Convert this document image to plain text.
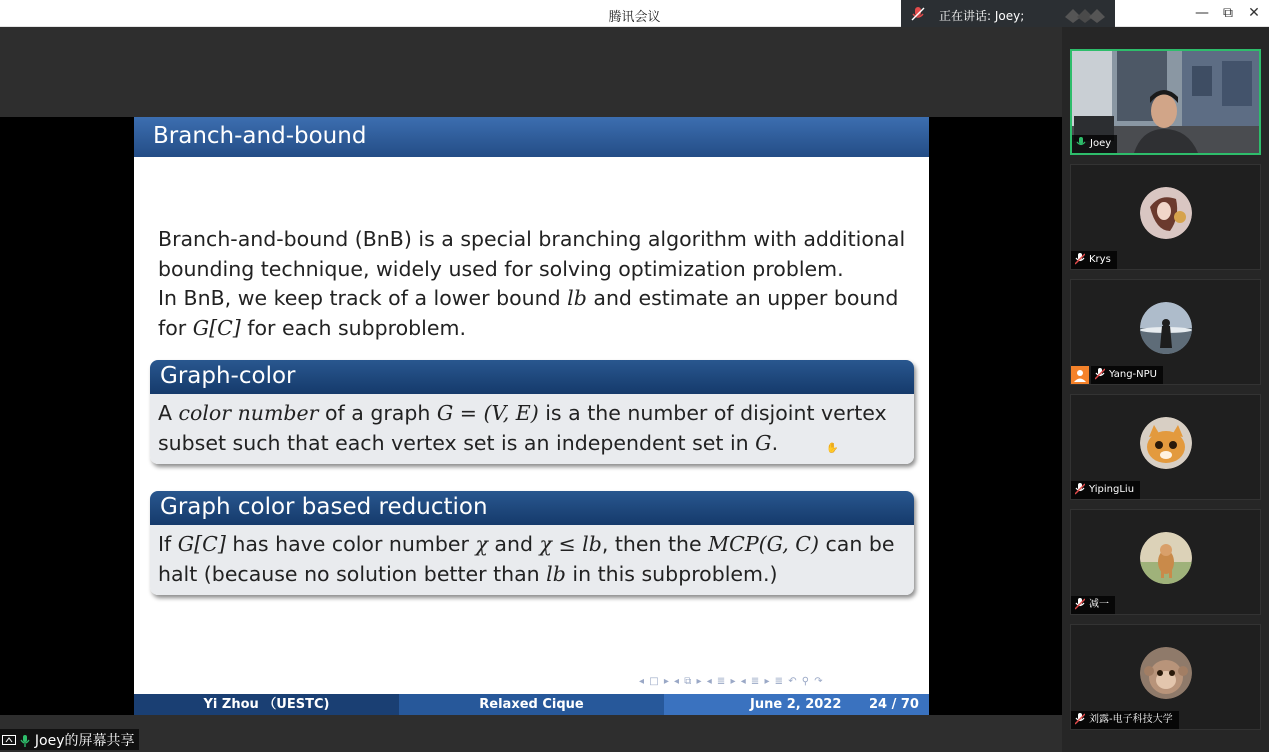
腾讯会议	正在讲话: Joey;	—	⧉	✕
Branch-and-bound

Branch-and-bound (BnB) is a special branching algorithm with additional

bounding technique, widely used for solving optimization problem.

In BnB, we keep track of a lower bound lb and estimate an upper bound

for G[C] for each subproblem.

Graph-color
A color number of a graph G = (V, E) is a the number of disjoint vertex
subset such that each vertex set is an independent set in G.
Graph color based reduction
If G[C] has have color number χ and χ ≤ lb, then the MCP(G, C) can be
halt (because no solution better than lb in this subproblem.)
✋
◂ □ ▸ ◂ ⧉ ▸ ◂ ≣ ▸ ◂ ≣ ▸ ≣ ↶ ⚲ ↷
Yi Zhou （UESTC)	Relaxed Cique	June 2, 2022 24 / 70
Joey的屏幕共享
Joey
Krys
Yang-NPU
YipingLiu
减一
刘露-电子科技大学
